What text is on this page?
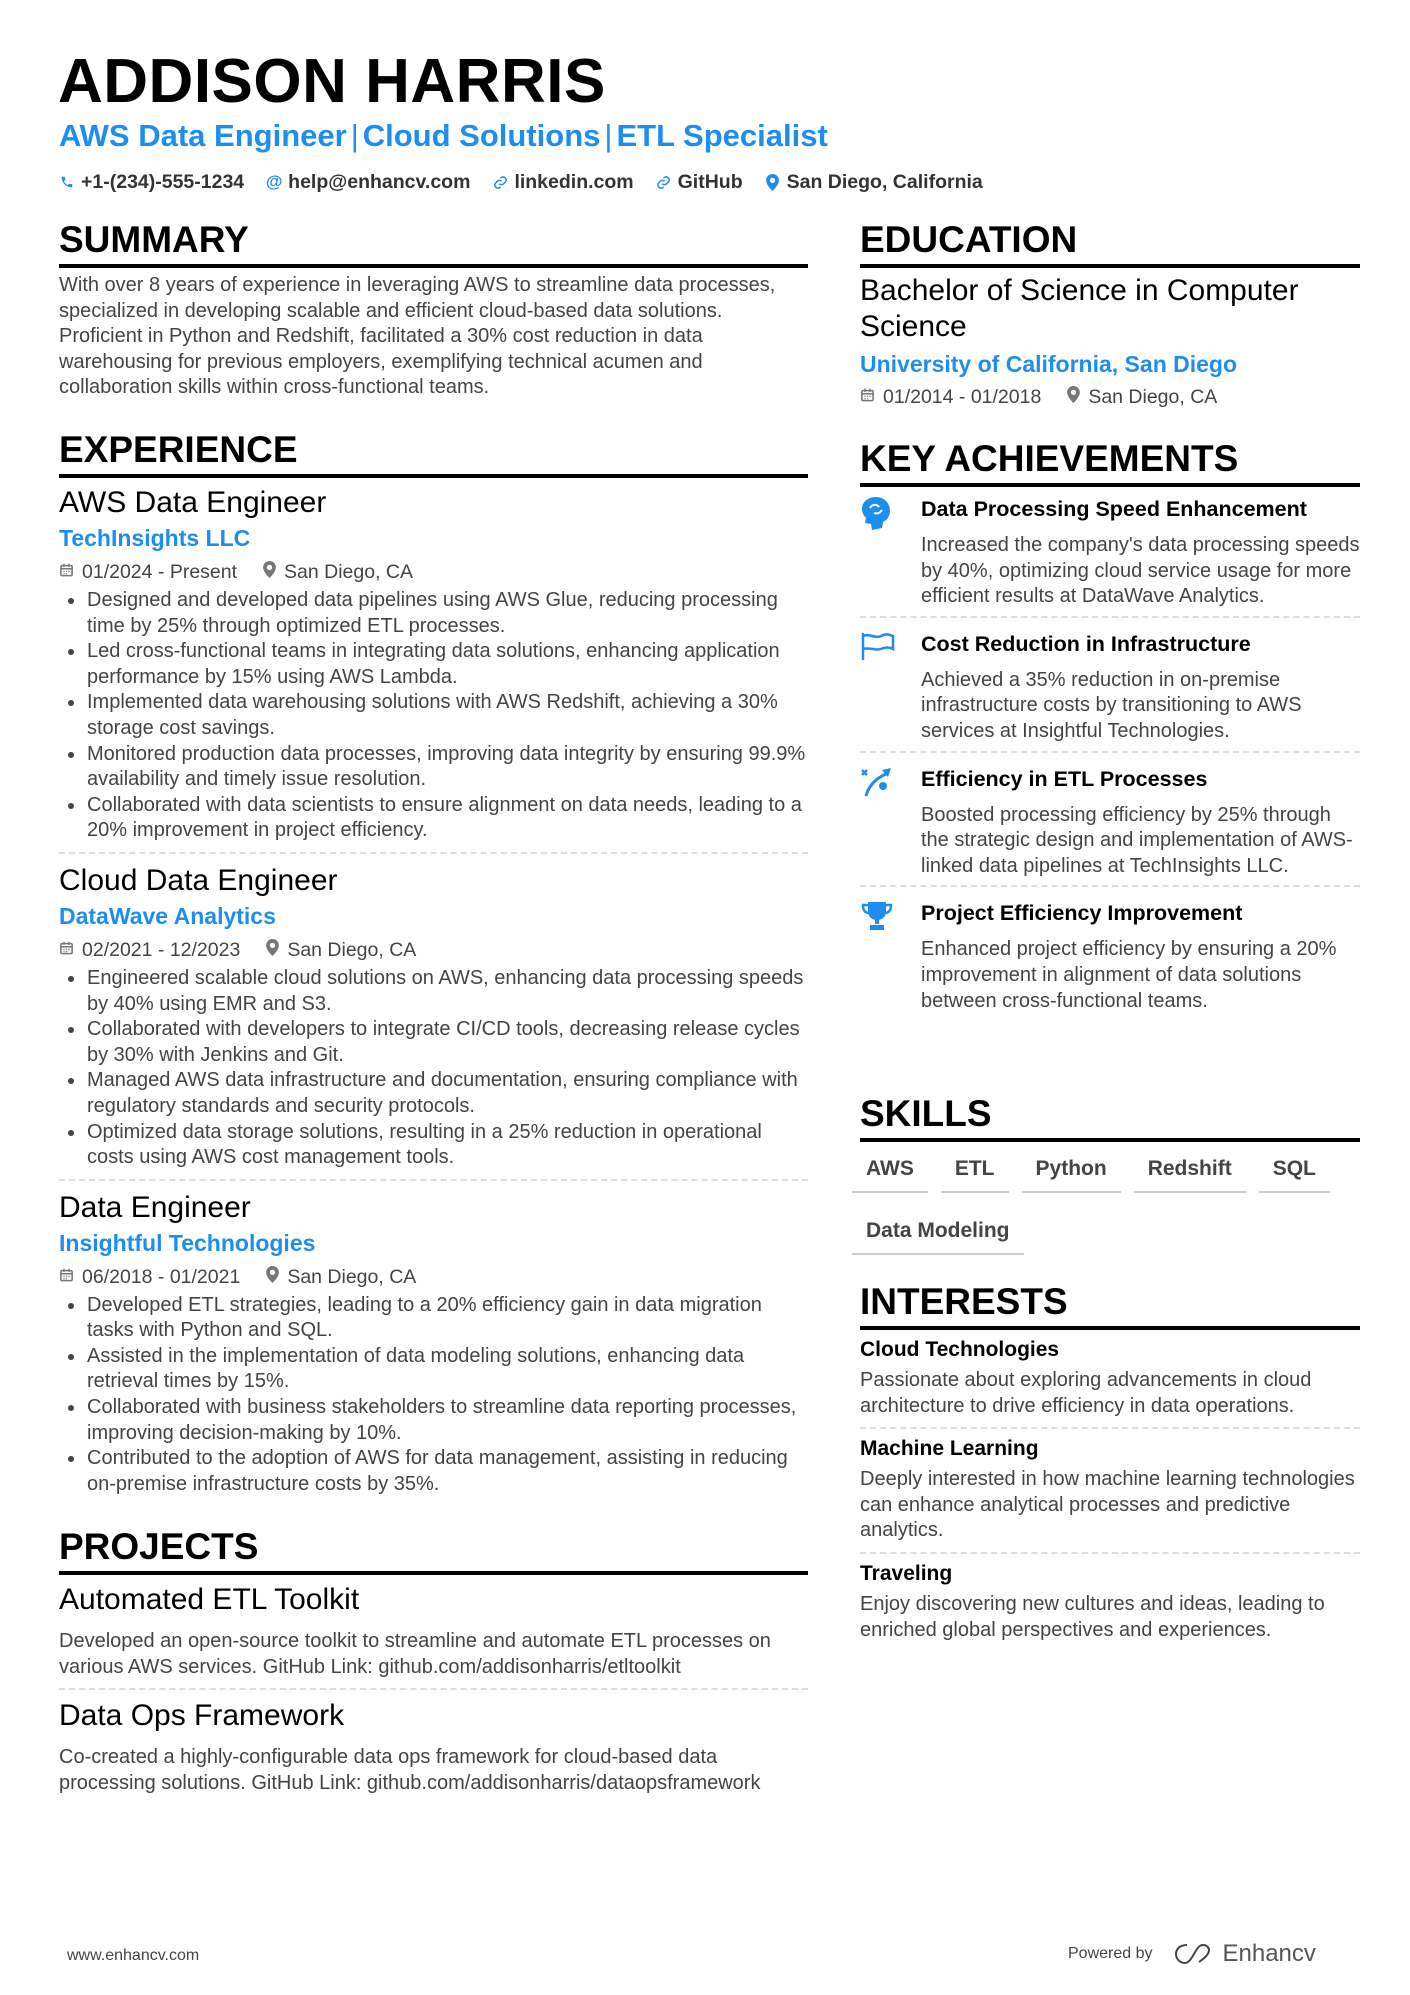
ADDISON HARRIS
AWS Data Engineer | Cloud Solutions | ETL Specialist
+1-(234)-555-1234 @ help@enhancv.com linkedin.com GitHub San Diego, California
SUMMARY

With over 8 years of experience in leveraging AWS to streamline data processes, specialized in developing scalable and efficient cloud-based data solutions. Proficient in Python and Redshift, facilitated a 30% cost reduction in data warehousing for previous employers, exemplifying technical acumen and collaboration skills within cross-functional teams.

EXPERIENCE
AWS Data Engineer
TechInsights LLC
01/2024 - Present San Diego, CA
Designed and developed data pipelines using AWS Glue, reducing processing time by 25% through optimized ETL processes.
Led cross-functional teams in integrating data solutions, enhancing application performance by 15% using AWS Lambda.
Implemented data warehousing solutions with AWS Redshift, achieving a 30% storage cost savings.
Monitored production data processes, improving data integrity by ensuring 99.9% availability and timely issue resolution.
Collaborated with data scientists to ensure alignment on data needs, leading to a 20% improvement in project efficiency.
Cloud Data Engineer
DataWave Analytics
02/2021 - 12/2023 San Diego, CA
Engineered scalable cloud solutions on AWS, enhancing data processing speeds by 40% using EMR and S3.
Collaborated with developers to integrate CI/CD tools, decreasing release cycles by 30% with Jenkins and Git.
Managed AWS data infrastructure and documentation, ensuring compliance with regulatory standards and security protocols.
Optimized data storage solutions, resulting in a 25% reduction in operational costs using AWS cost management tools.
Data Engineer
Insightful Technologies
06/2018 - 01/2021 San Diego, CA
Developed ETL strategies, leading to a 20% efficiency gain in data migration tasks with Python and SQL.
Assisted in the implementation of data modeling solutions, enhancing data retrieval times by 15%.
Collaborated with business stakeholders to streamline data reporting processes, improving decision-making by 10%.
Contributed to the adoption of AWS for data management, assisting in reducing on-premise infrastructure costs by 35%.
PROJECTS
Automated ETL Toolkit

Developed an open-source toolkit to streamline and automate ETL processes on various AWS services. GitHub Link: github.com/addisonharris/etltoolkit

Data Ops Framework

Co-created a highly-configurable data ops framework for cloud-based data processing solutions. GitHub Link: github.com/addisonharris/dataopsframework

EDUCATION
Bachelor of Science in Computer Science
University of California, San Diego
01/2014 - 01/2018 San Diego, CA
KEY ACHIEVEMENTS
Data Processing Speed Enhancement

Increased the company's data processing speeds by 40%, optimizing cloud service usage for more efficient results at DataWave Analytics.

Cost Reduction in Infrastructure

Achieved a 35% reduction in on-premise infrastructure costs by transitioning to AWS services at Insightful Technologies.

Efficiency in ETL Processes

Boosted processing efficiency by 25% through the strategic design and implementation of AWS-linked data pipelines at TechInsights LLC.

Project Efficiency Improvement

Enhanced project efficiency by ensuring a 20% improvement in alignment of data solutions between cross-functional teams.

SKILLS
AWS	ETL	Python	Redshift	SQL
Data Modeling
INTERESTS
Cloud Technologies

Passionate about exploring advancements in cloud architecture to drive efficiency in data operations.

Machine Learning

Deeply interested in how machine learning technologies can enhance analytical processes and predictive analytics.

Traveling

Enjoy discovering new cultures and ideas, leading to enriched global perspectives and experiences.

www.enhancv.com	Powered by	Enhancv
